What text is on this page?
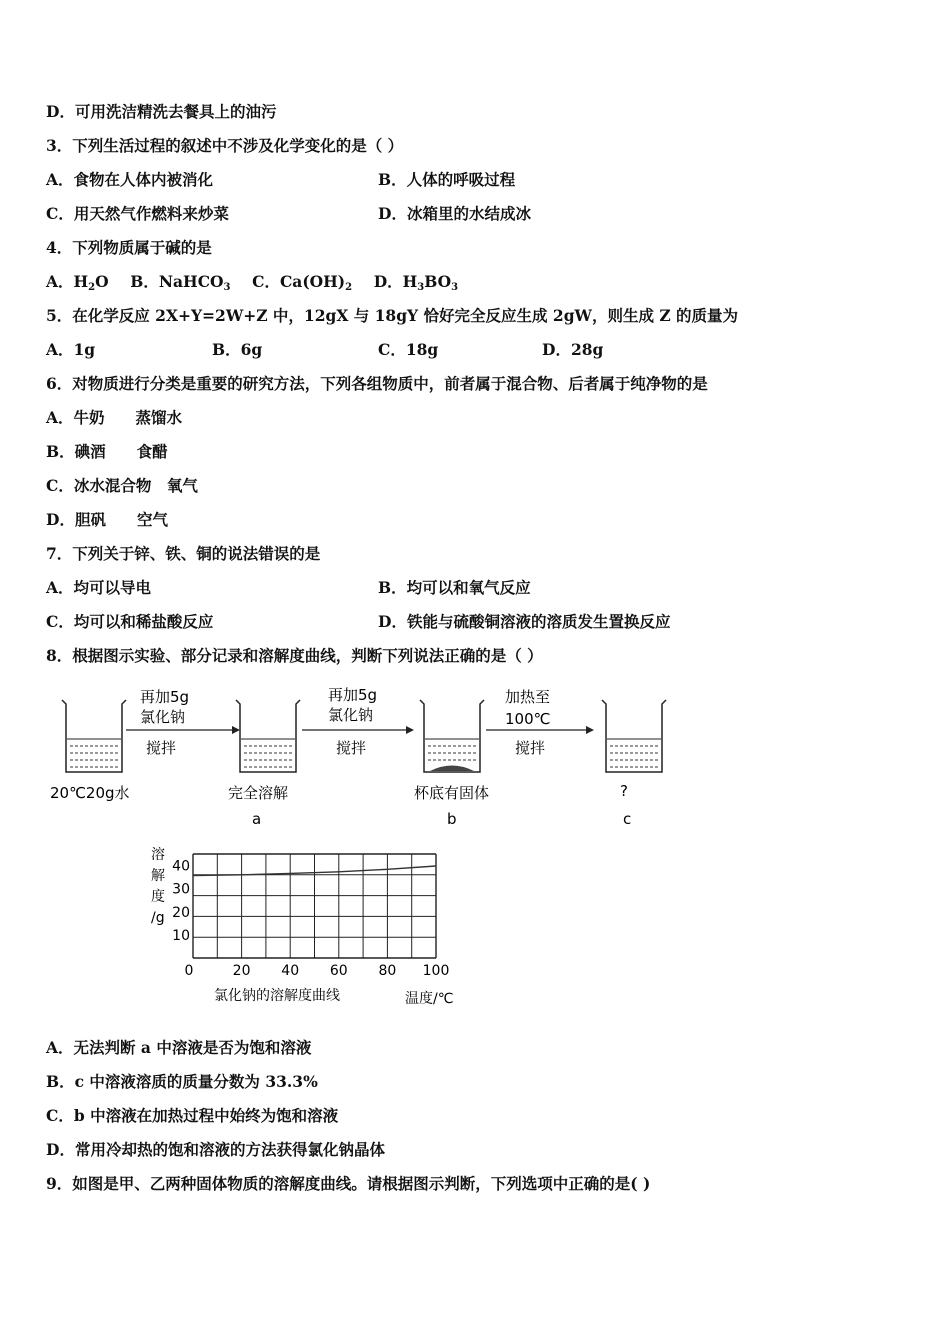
D．可用洗洁精洗去餐具上的油污
3．下列生活过程的叙述中不涉及化学变化的是（ ）
A．食物在人体内被消化	B．人体的呼吸过程
C．用天然气作燃料来炒菜	D．冰箱里的水结成冰
4．下列物质属于碱的是
A．$H_2O$ B．NaHCO$_3$ C．$Ca(OH)_2$ D．$H_3BO_3$
5．在化学反应 2X+Y=2W+Z 中，12gX 与 18gY 恰好完全反应生成 2gW，则生成 Z 的质量为
A．1g	B．6g	C．18g	D．28g
6．对物质进行分类是重要的研究方法，下列各组物质中，前者属于混合物、后者属于纯净物的是
A．牛奶　　蒸馏水
B．碘酒　　食醋
C．冰水混合物　氧气
D．胆矾　　空气
7．下列关于锌、铁、铜的说法错误的是
A．均可以导电	B．均可以和氧气反应
C．均可以和稀盐酸反应	D．铁能与硫酸铜溶液的溶质发生置换反应
8．根据图示实验、部分记录和溶解度曲线，判断下列说法正确的是（ ）
再加5g
氯化钠
搅拌
再加5g
氯化钠
搅拌
加热至
100℃
搅拌
20℃20g水	完全溶解	杯底有固体	?
a	b	c
溶
解
度
/g
40
30
20
10
0	20 40 60 80 100
氯化钠的溶解度曲线	温度/℃
A．无法判断 a 中溶液是否为饱和溶液
B．c 中溶液溶质的质量分数为 33.3%
C．b 中溶液在加热过程中始终为饱和溶液
D．常用冷却热的饱和溶液的方法获得氯化钠晶体
9．如图是甲、乙两种固体物质的溶解度曲线。请根据图示判断，下列选项中正确的是( )
